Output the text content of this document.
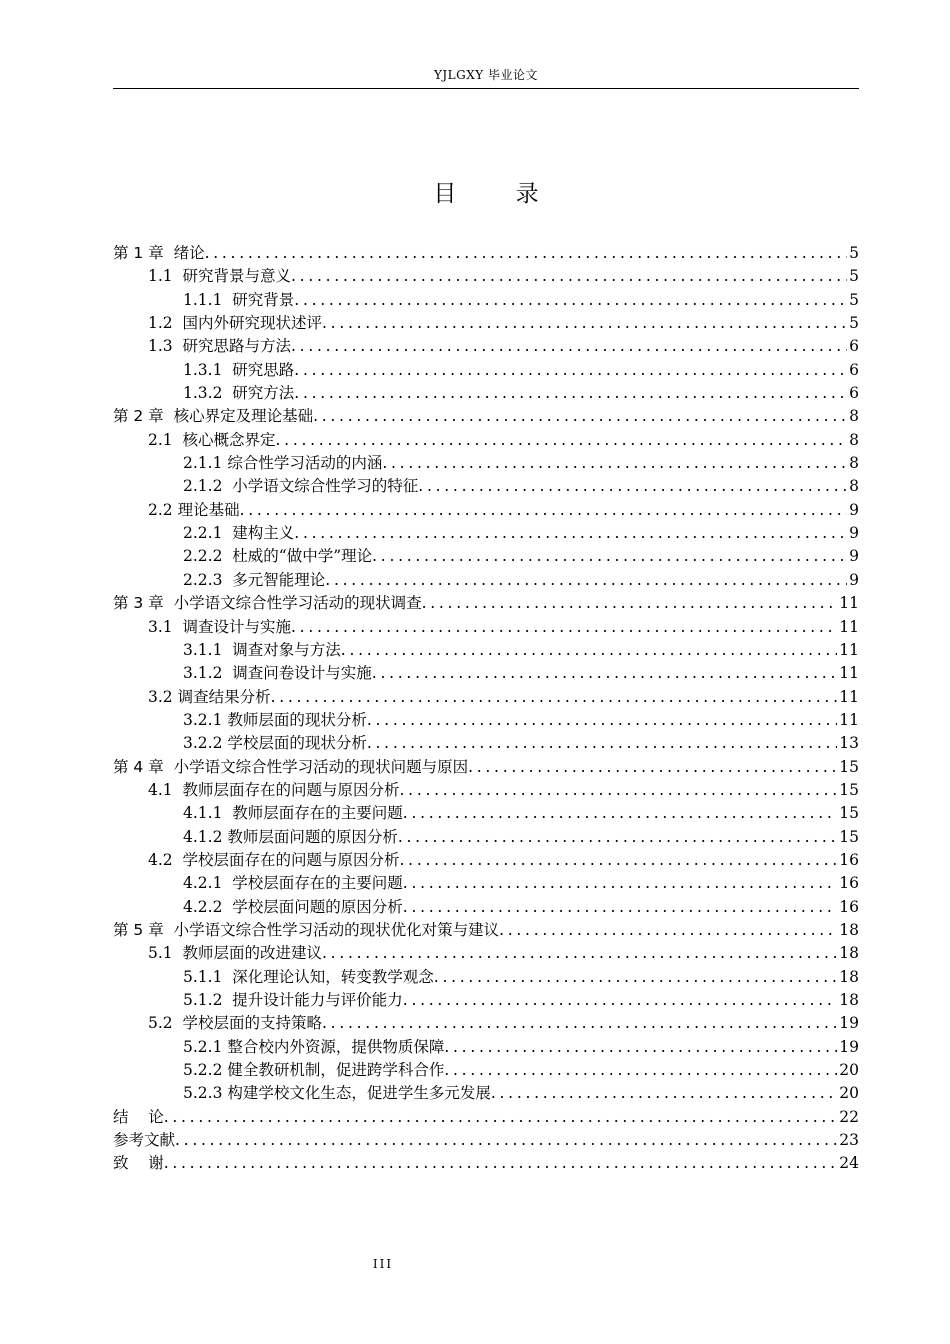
YJLGXY 毕业论文
目 录
第 1 章  绪论 . . .	5
1.1  研究背景与意义 . . .	5
1.1.1  研究背景 . . .	5
1.2  国内外研究现状述评 . . .	5
1.3  研究思路与方法 . . .	6
1.3.1  研究思路 . . .	6
1.3.2  研究方法 . . .	6
第 2 章  核心界定及理论基础 . . .	8
2.1  核心概念界定 . . .	8
2.1.1 综合性学习活动的内涵 . . .	8
2.1.2  小学语文综合性学习的特征 . . .	8
2.2 理论基础 . . .	9
2.2.1  建构主义 . . .	9
2.2.2  杜威的“做中学”理论 . . .	9
2.2.3  多元智能理论 . . .	9
第 3 章  小学语文综合性学习活动的现状调查 . . .	11
3.1  调查设计与实施 . . .	11
3.1.1  调查对象与方法 . . .	11
3.1.2  调查问卷设计与实施 . . .	11
3.2 调查结果分析 . . .	11
3.2.1 教师层面的现状分析 . . .	11
3.2.2 学校层面的现状分析 . . .	13
第 4 章  小学语文综合性学习活动的现状问题与原因 . . .	15
4.1  教师层面存在的问题与原因分析 . . .	15
4.1.1  教师层面存在的主要问题 . . .	15
4.1.2 教师层面问题的原因分析 . . .	15
4.2  学校层面存在的问题与原因分析 . . .	16
4.2.1  学校层面存在的主要问题 . . .	16
4.2.2  学校层面问题的原因分析 . . .	16
第 5 章  小学语文综合性学习活动的现状优化对策与建议 . . .	18
5.1  教师层面的改进建议 . . .	18
5.1.1  深化理论认知，转变教学观念 . . .	18
5.1.2  提升设计能力与评价能力 . . .	18
5.2  学校层面的支持策略 . . .	19
5.2.1 整合校内外资源，提供物质保障 . . .	19
5.2.2 健全教研机制，促进跨学科合作 . . .	20
5.2.3 构建学校文化生态，促进学生多元发展 . . .	20
结    论 . . .	22
参考文献 . . .	23
致    谢 . . .	24
III
